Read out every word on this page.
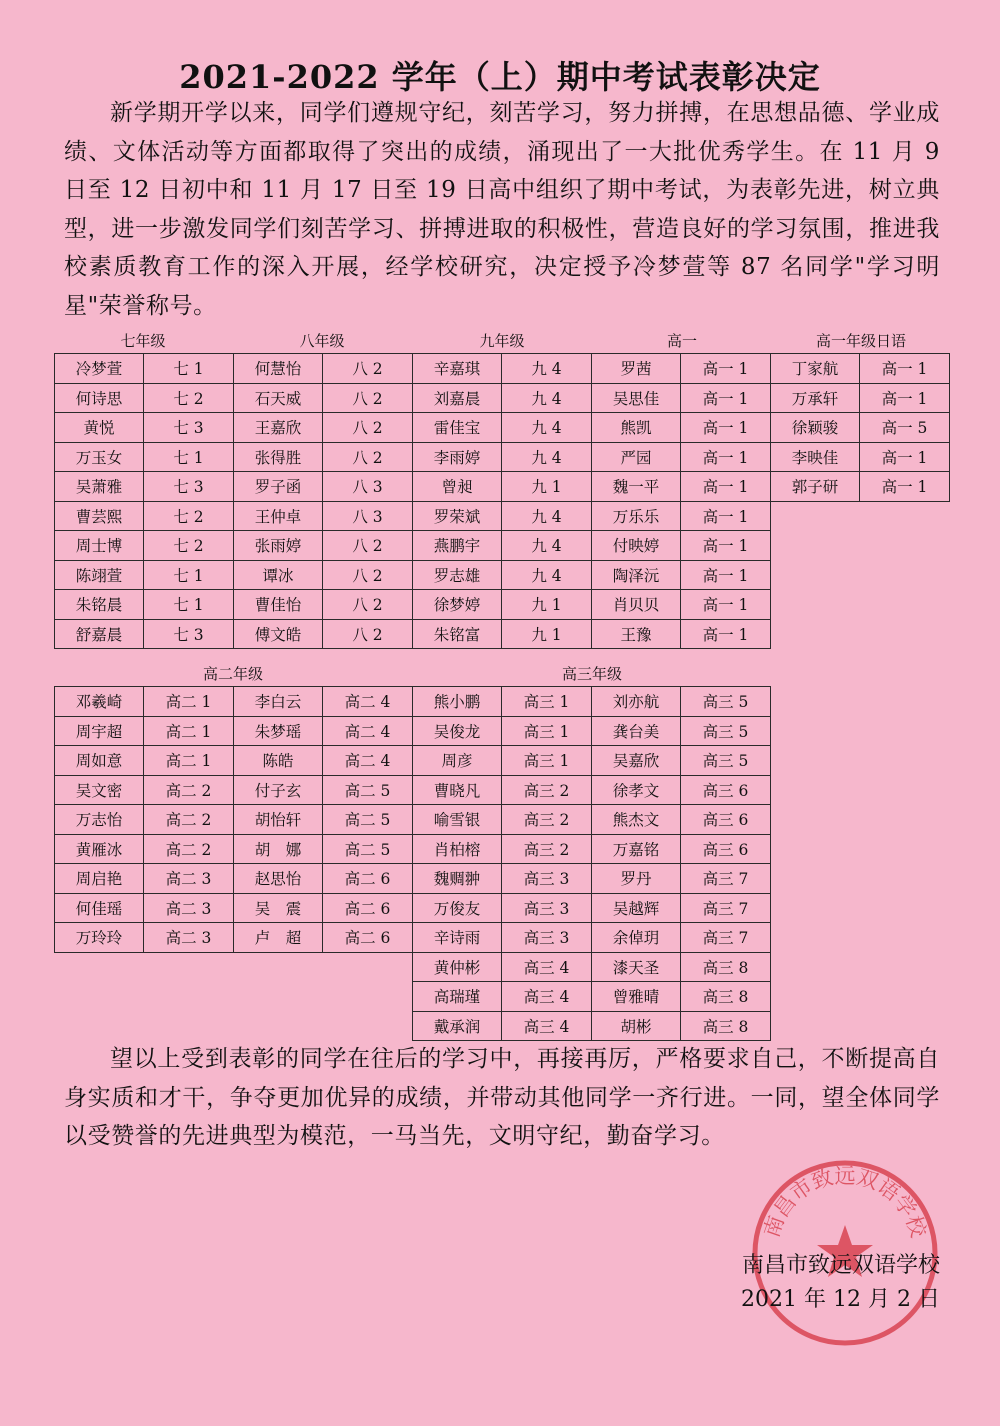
2021-2022 学年（上）期中考试表彰决定
新学期开学以来，同学们遵规守纪，刻苦学习，努力拼搏，在思想品德、学业成绩、文体活动等方面都取得了突出的成绩，涌现出了一大批优秀学生。在 11 月 9 日至 12 日初中和 11 月 17 日至 19 日高中组织了期中考试，为表彰先进，树立典型，进一步激发同学们刻苦学习、拼搏进取的积极性，营造良好的学习氛围，推进我校素质教育工作的深入开展，经学校研究，决定授予冷梦萱等 87 名同学"学习明星"荣誉称号。
七年级	八年级	九年级	高一	高一年级日语
冷梦萱	七 1	何慧怡	八 2	辛嘉琪	九 4	罗茜	高一 1	丁家航	高一 1
何诗思	七 2	石天威	八 2	刘嘉晨	九 4	吴思佳	高一 1	万承轩	高一 1
黄悦	七 3	王嘉欣	八 2	雷佳宝	九 4	熊凯	高一 1	徐颖骏	高一 5
万玉女	七 1	张得胜	八 2	李雨婷	九 4	严园	高一 1	李映佳	高一 1
吴萧雅	七 3	罗子函	八 3	曾昶	九 1	魏一平	高一 1	郭子研	高一 1
曹芸熙	七 2	王仲卓	八 3	罗荣斌	九 4	万乐乐	高一 1		
周士博	七 2	张雨婷	八 2	燕鹏宇	九 4	付映婷	高一 1		
陈翊萱	七 1	谭冰	八 2	罗志雄	九 4	陶泽沅	高一 1		
朱铭晨	七 1	曹佳怡	八 2	徐梦婷	九 1	肖贝贝	高一 1		
舒嘉晨	七 3	傅文皓	八 2	朱铭富	九 1	王豫	高一 1		
高二年级	高三年级
邓羲崎	高二 1	李白云	高二 4	熊小鹏	高三 1	刘亦航	高三 5
周宇超	高二 1	朱梦瑶	高二 4	吴俊龙	高三 1	龚台美	高三 5
周如意	高二 1	陈皓	高二 4	周彦	高三 1	吴嘉欣	高三 5
吴文密	高二 2	付子玄	高二 5	曹晓凡	高三 2	徐孝文	高三 6
万志怡	高二 2	胡怡轩	高二 5	喻雪银	高三 2	熊杰文	高三 6
黄雁冰	高二 2	胡　娜	高二 5	肖柏榕	高三 2	万嘉铭	高三 6
周启艳	高二 3	赵思怡	高二 6	魏赒翀	高三 3	罗丹	高三 7
何佳瑶	高二 3	吴　震	高二 6	万俊友	高三 3	吴越辉	高三 7
万玲玲	高二 3	卢　超	高二 6	辛诗雨	高三 3	余倬玥	高三 7
				黄仲彬	高三 4	漆天圣	高三 8
				高瑞瑾	高三 4	曾雅晴	高三 8
				戴承润	高三 4	胡彬	高三 8
望以上受到表彰的同学在往后的学习中，再接再厉，严格要求自己，不断提高自身实质和才干，争夺更加优异的成绩，并带动其他同学一齐行进。一同，望全体同学以受赞誉的先进典型为模范，一马当先，文明守纪，勤奋学习。
南昌市致远双语学校
南昌市致远双语学校
2021 年 12 月 2 日
